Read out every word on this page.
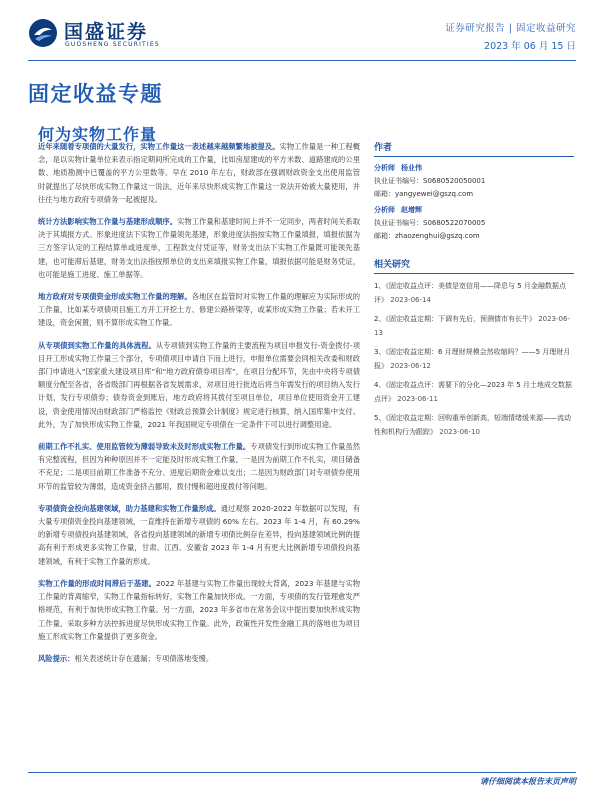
国盛证券
GUOSHENG SECURITIES
证券研究报告 | 固定收益研究
2023 年 06 月 15 日
固定收益专题
何为实物工作量

近年来随着专项债的大量发行，实物工作量这一表述越来越频繁地被提及。实物工作量是一种工程概念，是以实物计量单位来表示指定期间所完成的工作量，比如房屋建成的平方米数、道路建成的公里数、地质勘测中已覆盖的平方公里数等。早在 2010 年左右，财政部在强调财政资金支出使用监管时就提出了尽快形成实物工作量这一说法，近年来尽快形成实物工作量这一说法开始被大量使用，并往往与地方政府专项债务一起被提及。

统计方法影响实物工作量与基建形成顺序。实物工作量和基建时间上并不一定同步，两者时间关系取决于其填报方式。形象进度法下实物工作量领先基建，形象进度法指按实物工作量填报，填报依据为三方签字认定的工程结算单或进度单，工程款支付凭证等，财务支出法下实物工作量既可能领先基建，也可能滞后基建，财务支出法指按照单位的支出来填报实物工作量，填报依据可能是财务凭证，也可能是施工进度、施工单据等。

地方政府对专项债资金形成实物工作量的理解。各地区在监管时对实物工作量的理解应为实际形成的工作量，比如某专项债项目施工方开工开挖土方、修建公路桥梁等，或某形成实物工作量；若未开工建设，资金闲置，则不算形成实物工作量。

从专项债到实物工作量的具体流程。从专项债到实物工作量的主要流程为项目申报发行-资金拨付-项目开工形成实物工作量三个部分，专项债项目申请自下而上进行，申报单位需要会同相关改委和财政部门申请进入“国家重大建设项目库”和“地方政府债券项目库”，在项目分配环节，先由中央将专项债额度分配至各省，各省级部门再根据各省发展需求，对项目进行批选后将当年需发行的项目纳入发行计划，发行专项债券；债券资金到账后，地方政府将其拨付至项目单位，项目单位使用资金开工建设，资金使用情况由财政部门严格监控《财政总预算会计制度》规定进行核算，纳入国库集中支付。此外，为了加快形成实物工作量，2021 年我国规定专项债在一定条件下可以进行调整用途。

前期工作不扎实、使用监管较为薄弱导致未及时形成实物工作量。专项债发行到形成实物工作量虽然有完整流程，但因为种种原因并不一定能及时形成实物工作量，一是因为前期工作不扎实，项目储备不充足；二是项目前期工作准备不充分、进度后期资金难以支出；二是因为财政部门对专项债券使用环节的监管较为薄弱，造成资金挤占挪用，拨付慢和超进度拨付等问题。

专项债资金投向基建领域，助力基建和实物工作量形成。通过观察 2020-2022 年数据可以发现，有大量专项债资金投向基建领域，一直维持在新增专项债的 60% 左右。2023 年 1-4 月，有 60.29% 的新增专项债投向基建领域，各省投向基建领域的新增专项债比例存在差异，投向基建领域比例的提高有利于形成更多实物工作量，甘肃、江西、安徽省 2023 年 1-4 月有更大比例新增专项债投向基建领域，有利于实物工作量的形成。

实物工作量的形成时间滞后于基建。2022 年基建与实物工作量出现较大背离，2023 年基建与实物工作量的背离缩窄，实物工作量指标转好，实物工作量加快形成。一方面，专项债的发行管理愈发严格规范，有利于加快形成实物工作量。另一方面，2023 年多省市在常务会议中提出要加快形成实物工作量，采取多种方法控拆进度尽快形成实物工作量。此外，政策性开发性金融工具的落地也为项目施工形成实物工作量提供了更多资金。

风险提示：相关表述统计存在遗漏；专项债落地变慢。

作者
分析师 杨业伟
执业证书编号：S0680520050001
邮箱：yangyewei@gszq.com
分析师 赵增辉
执业证书编号：S0680522070005
邮箱：zhaozenghui@gszq.com
相关研究
1、《固定收益点评：美债是宽信用——降息与 5 月金融数据点评》 2023-06-14
2、《固定收益定期：下调有先后，预测债市有长牛》 2023-06-13
3、《固定收益定期：6 月理财规模会然收缩吗？——5 月理财月报》 2023-06-12
4、《固定收益点评：需要下的分化—2023 年 5 月土地成交数据点评》 2023-06-11
5、《固定收益定期：回购重举创新高，短端情绪缓来源——流动性和机构行为跟踪》 2023-06-10
请仔细阅读本报告末页声明
